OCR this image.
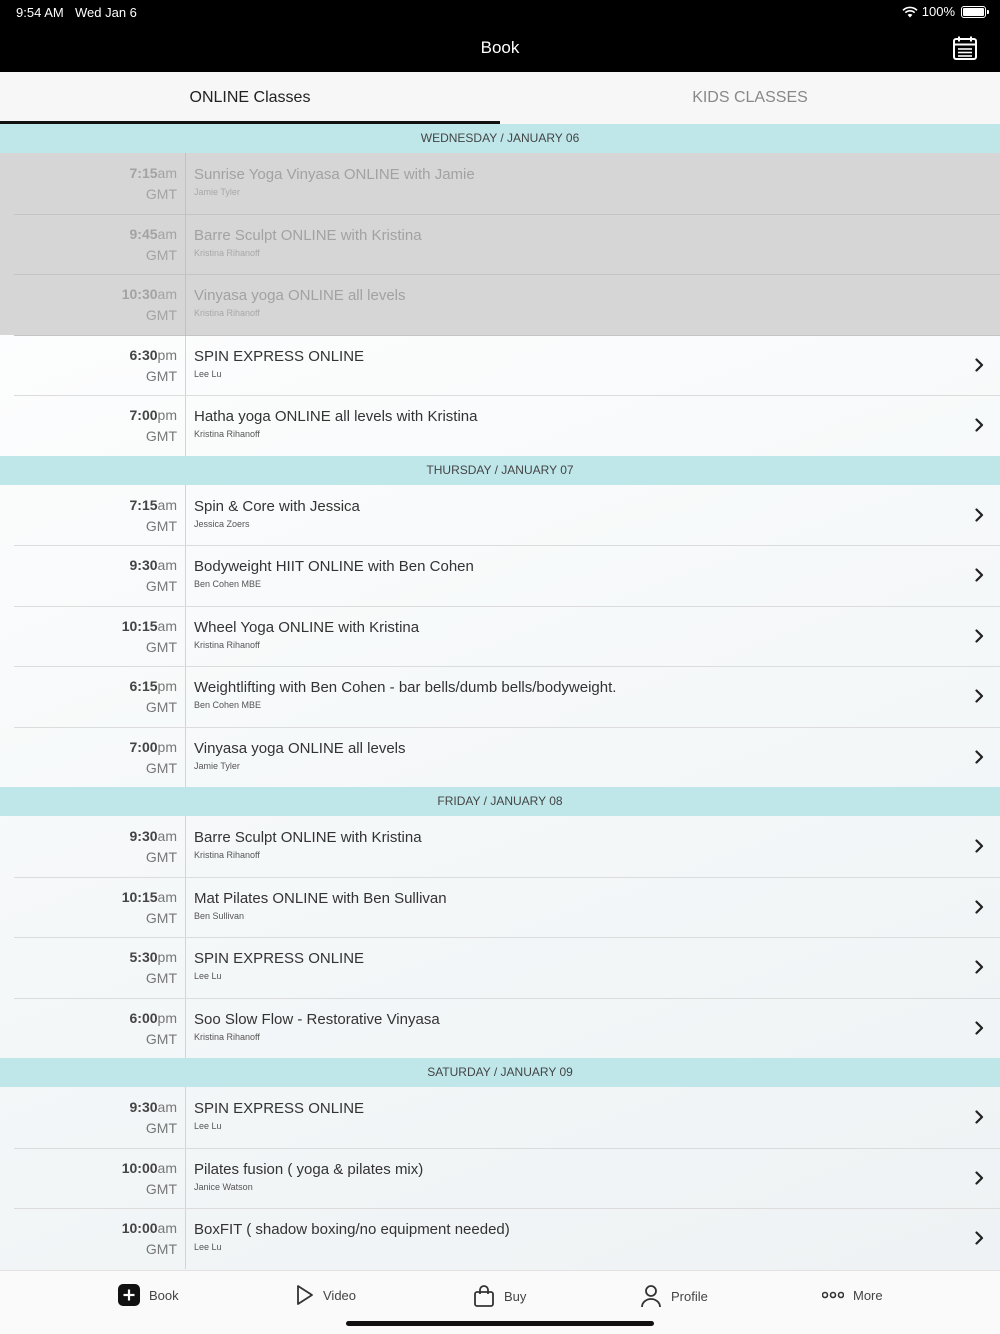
9:54 AM Wed Jan 6	100%
Book
ONLINE Classes	KIDS CLASSES
WEDNESDAY / JANUARY 06
7:15am
GMT
Sunrise Yoga Vinyasa ONLINE with Jamie
Jamie Tyler
9:45am
GMT
Barre Sculpt ONLINE with Kristina
Kristina Rihanoff
10:30am
GMT
Vinyasa yoga ONLINE all levels
Kristina Rihanoff
6:30pm
GMT
SPIN EXPRESS ONLINE
Lee Lu
7:00pm
GMT
Hatha yoga ONLINE all levels with Kristina
Kristina Rihanoff
THURSDAY / JANUARY 07
7:15am
GMT
Spin & Core with Jessica
Jessica Zoers
9:30am
GMT
Bodyweight HIIT ONLINE with Ben Cohen
Ben Cohen MBE
10:15am
GMT
Wheel Yoga ONLINE with Kristina
Kristina Rihanoff
6:15pm
GMT
Weightlifting with Ben Cohen - bar bells/dumb bells/bodyweight.
Ben Cohen MBE
7:00pm
GMT
Vinyasa yoga ONLINE all levels
Jamie Tyler
FRIDAY / JANUARY 08
9:30am
GMT
Barre Sculpt ONLINE with Kristina
Kristina Rihanoff
10:15am
GMT
Mat Pilates ONLINE with Ben Sullivan
Ben Sullivan
5:30pm
GMT
SPIN EXPRESS ONLINE
Lee Lu
6:00pm
GMT
Soo Slow Flow - Restorative Vinyasa
Kristina Rihanoff
SATURDAY / JANUARY 09
9:30am
GMT
SPIN EXPRESS ONLINE
Lee Lu
10:00am
GMT
Pilates fusion ( yoga & pilates mix)
Janice Watson
10:00am
GMT
BoxFIT ( shadow boxing/no equipment needed)
Lee Lu
Book	Video	Buy	Profile	More
